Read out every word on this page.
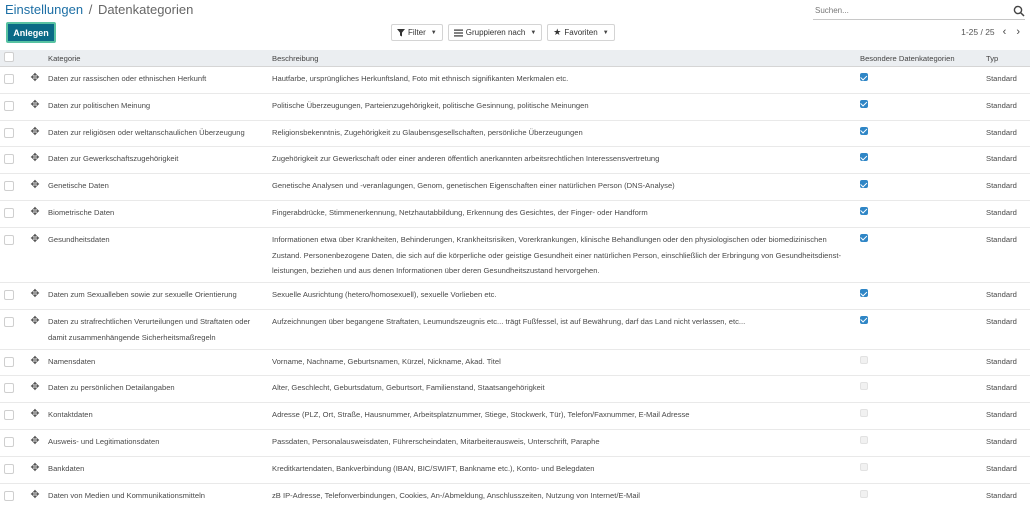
Einstellungen / Datenkategorien
Anlegen
Suchen...	Filter ▼	Gruppieren nach ▼ ★ Favoriten ▼	1-25 / 25 ‹ ›
		Kategorie	Beschreibung	Besondere Datenkategorien	Typ
	✥	Daten zur rassischen oder ethnischen Herkunft	Hautfarbe, ursprüngliches Herkunftsland, Foto mit ethnisch signifikanten Merkmalen etc.		Standard
	✥	Daten zur politischen Meinung	Politische Überzeugungen, Parteienzugehörigkeit, politische Gesinnung, politische Meinungen		Standard
	✥	Daten zur religiösen oder weltanschaulichen Überzeugung	Religionsbekenntnis, Zugehörigkeit zu Glaubensgesellschaften, persönliche Überzeugungen		Standard
	✥	Daten zur Gewerkschaftszugehörigkeit	Zugehörigkeit zur Gewerkschaft oder einer anderen öffentlich anerkannten arbeitsrechtlichen Interessensvertretung		Standard
	✥	Genetische Daten	Genetische Analysen und -veranlagungen, Genom, genetischen Eigenschaften einer natürlichen Person (DNS-Analyse)		Standard
	✥	Biometrische Daten	Fingerabdrücke, Stimmenerkennung, Netzhautabbildung, Erkennung des Gesichtes, der Finger- oder Handform		Standard
	✥	Gesundheitsdaten	Informationen etwa über Krankheiten, Behinderungen, Krankheitsrisiken, Vorerkrankungen, klinische Behandlungen oder den physiologischen oder biomedizinischen Zustand. Personenbezogene Daten, die sich auf die körperliche oder geistige Gesundheit einer natürlichen Person, einschließlich der Erbringung von Gesundheitsdienst-leistungen, beziehen und aus denen Informationen über deren Gesundheitszustand hervorgehen.		Standard
	✥	Daten zum Sexualleben sowie zur sexuelle Orientierung	Sexuelle Ausrichtung (hetero/homosexuell), sexuelle Vorlieben etc.		Standard
	✥	Daten zu strafrechtlichen Verurteilungen und Straftaten oder damit zusammenhängende Sicherheitsmaßregeln	Aufzeichnungen über begangene Straftaten, Leumundszeugnis etc... trägt Fußfessel, ist auf Bewährung, darf das Land nicht verlassen, etc...		Standard
	✥	Namensdaten	Vorname, Nachname, Geburtsnamen, Kürzel, Nickname, Akad. Titel		Standard
	✥	Daten zu persönlichen Detailangaben	Alter, Geschlecht, Geburtsdatum, Geburtsort, Familienstand, Staatsangehörigkeit		Standard
	✥	Kontaktdaten	Adresse (PLZ, Ort, Straße, Hausnummer, Arbeitsplatznummer, Stiege, Stockwerk, Tür), Telefon/Faxnummer, E-Mail Adresse		Standard
	✥	Ausweis- und Legitimationsdaten	Passdaten, Personalausweisdaten, Führerscheindaten, Mitarbeiterausweis, Unterschrift, Paraphe		Standard
	✥	Bankdaten	Kreditkartendaten, Bankverbindung (IBAN, BIC/SWIFT, Bankname etc.), Konto- und Belegdaten		Standard
	✥	Daten von Medien und Kommunikationsmitteln	zB IP-Adresse, Telefonverbindungen, Cookies, An-/Abmeldung, Anschlusszeiten, Nutzung von Internet/E-Mail		Standard
